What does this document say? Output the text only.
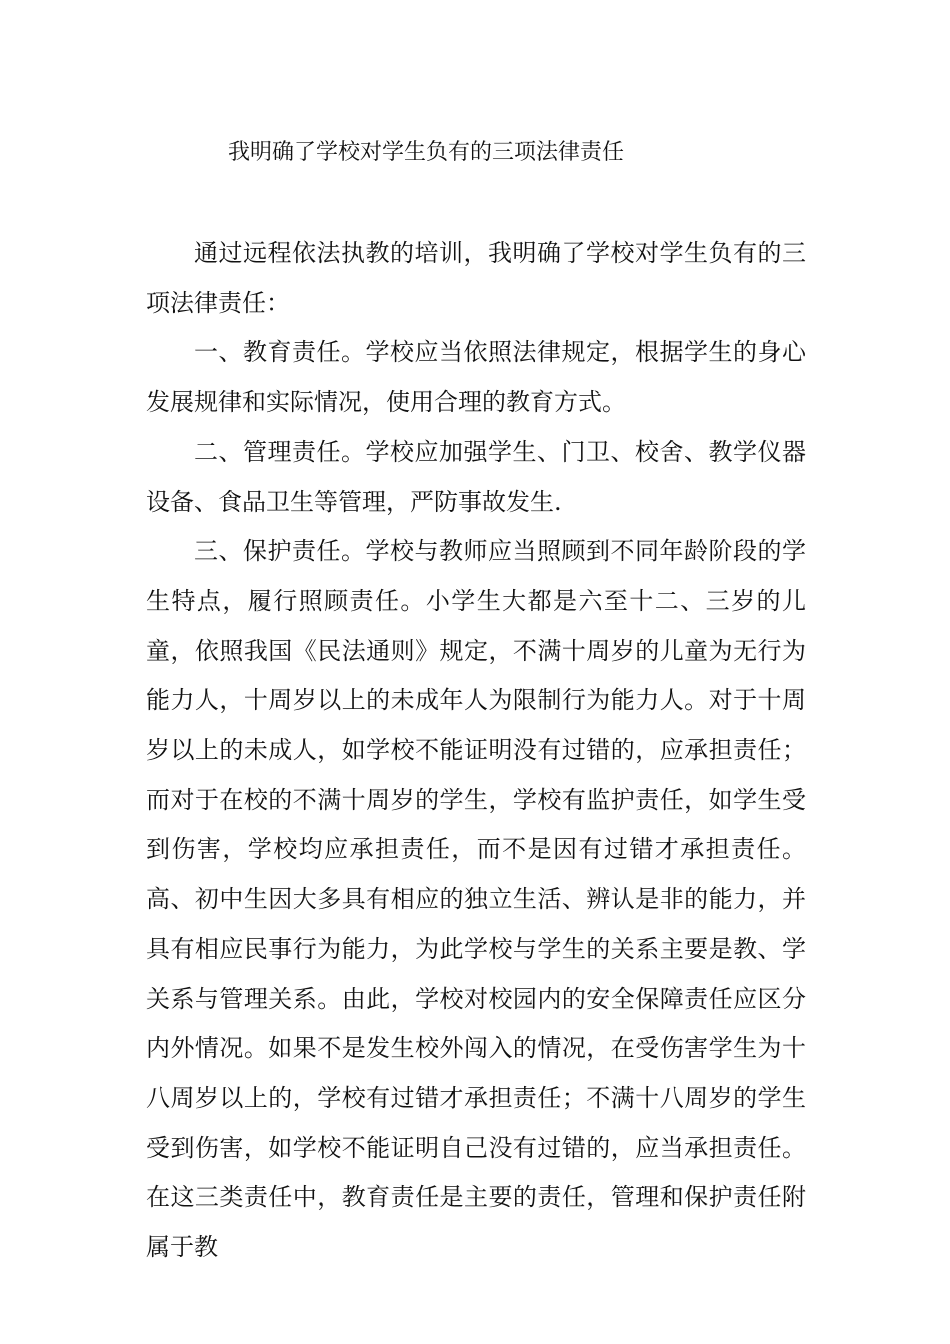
我明确了学校对学生负有的三项法律责任

通过远程依法执教的培训，我明确了学校对学生负有的三项法律责任：

一、教育责任。学校应当依照法律规定，根据学生的身心发展规律和实际情况，使用合理的教育方式。

二、管理责任。学校应加强学生、门卫、校舍、教学仪器设备、食品卫生等管理，严防事故发生.

三、保护责任。学校与教师应当照顾到不同年龄阶段的学生特点，履行照顾责任。小学生大都是六至十二、三岁的儿童，依照我国《民法通则》规定，不满十周岁的儿童为无行为能力人，十周岁以上的未成年人为限制行为能力人。对于十周岁以上的未成人，如学校不能证明没有过错的，应承担责任；而对于在校的不满十周岁的学生，学校有监护责任，如学生受到伤害，学校均应承担责任，而不是因有过错才承担责任。高、初中生因大多具有相应的独立生活、辨认是非的能力，并具有相应民事行为能力，为此学校与学生的关系主要是教、学关系与管理关系。由此，学校对校园内的安全保障责任应区分内外情况。如果不是发生校外闯入的情况，在受伤害学生为十八周岁以上的，学校有过错才承担责任；不满十八周岁的学生受到伤害，如学校不能证明自己没有过错的，应当承担责任。在这三类责任中，教育责任是主要的责任，管理和保护责任附属于教
